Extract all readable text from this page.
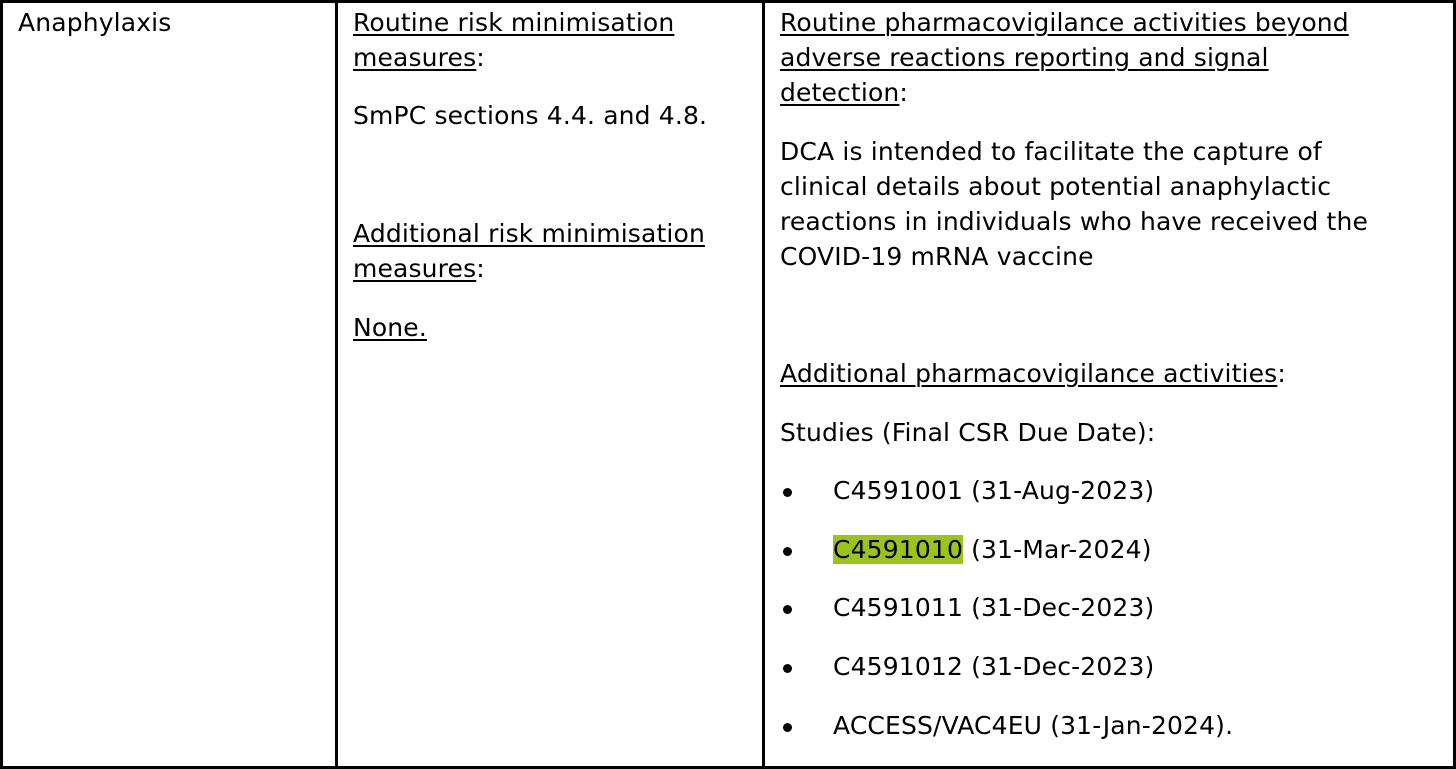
Anaphylaxis	Routine risk minimisation
measures:
SmPC sections 4.4. and 4.8.
Additional risk minimisation
measures:
None.
Routine pharmacovigilance activities beyond
adverse reactions reporting and signal
detection:
DCA is intended to facilitate the capture of
clinical details about potential anaphylactic
reactions in individuals who have received the
COVID-19 mRNA vaccine
Additional pharmacovigilance activities:
Studies (Final CSR Due Date):
C4591001 (31-Aug-2023)
C4591010 (31-Mar-2024)
C4591011 (31-Dec-2023)
C4591012 (31-Dec-2023)
ACCESS/VAC4EU (31-Jan-2024).
